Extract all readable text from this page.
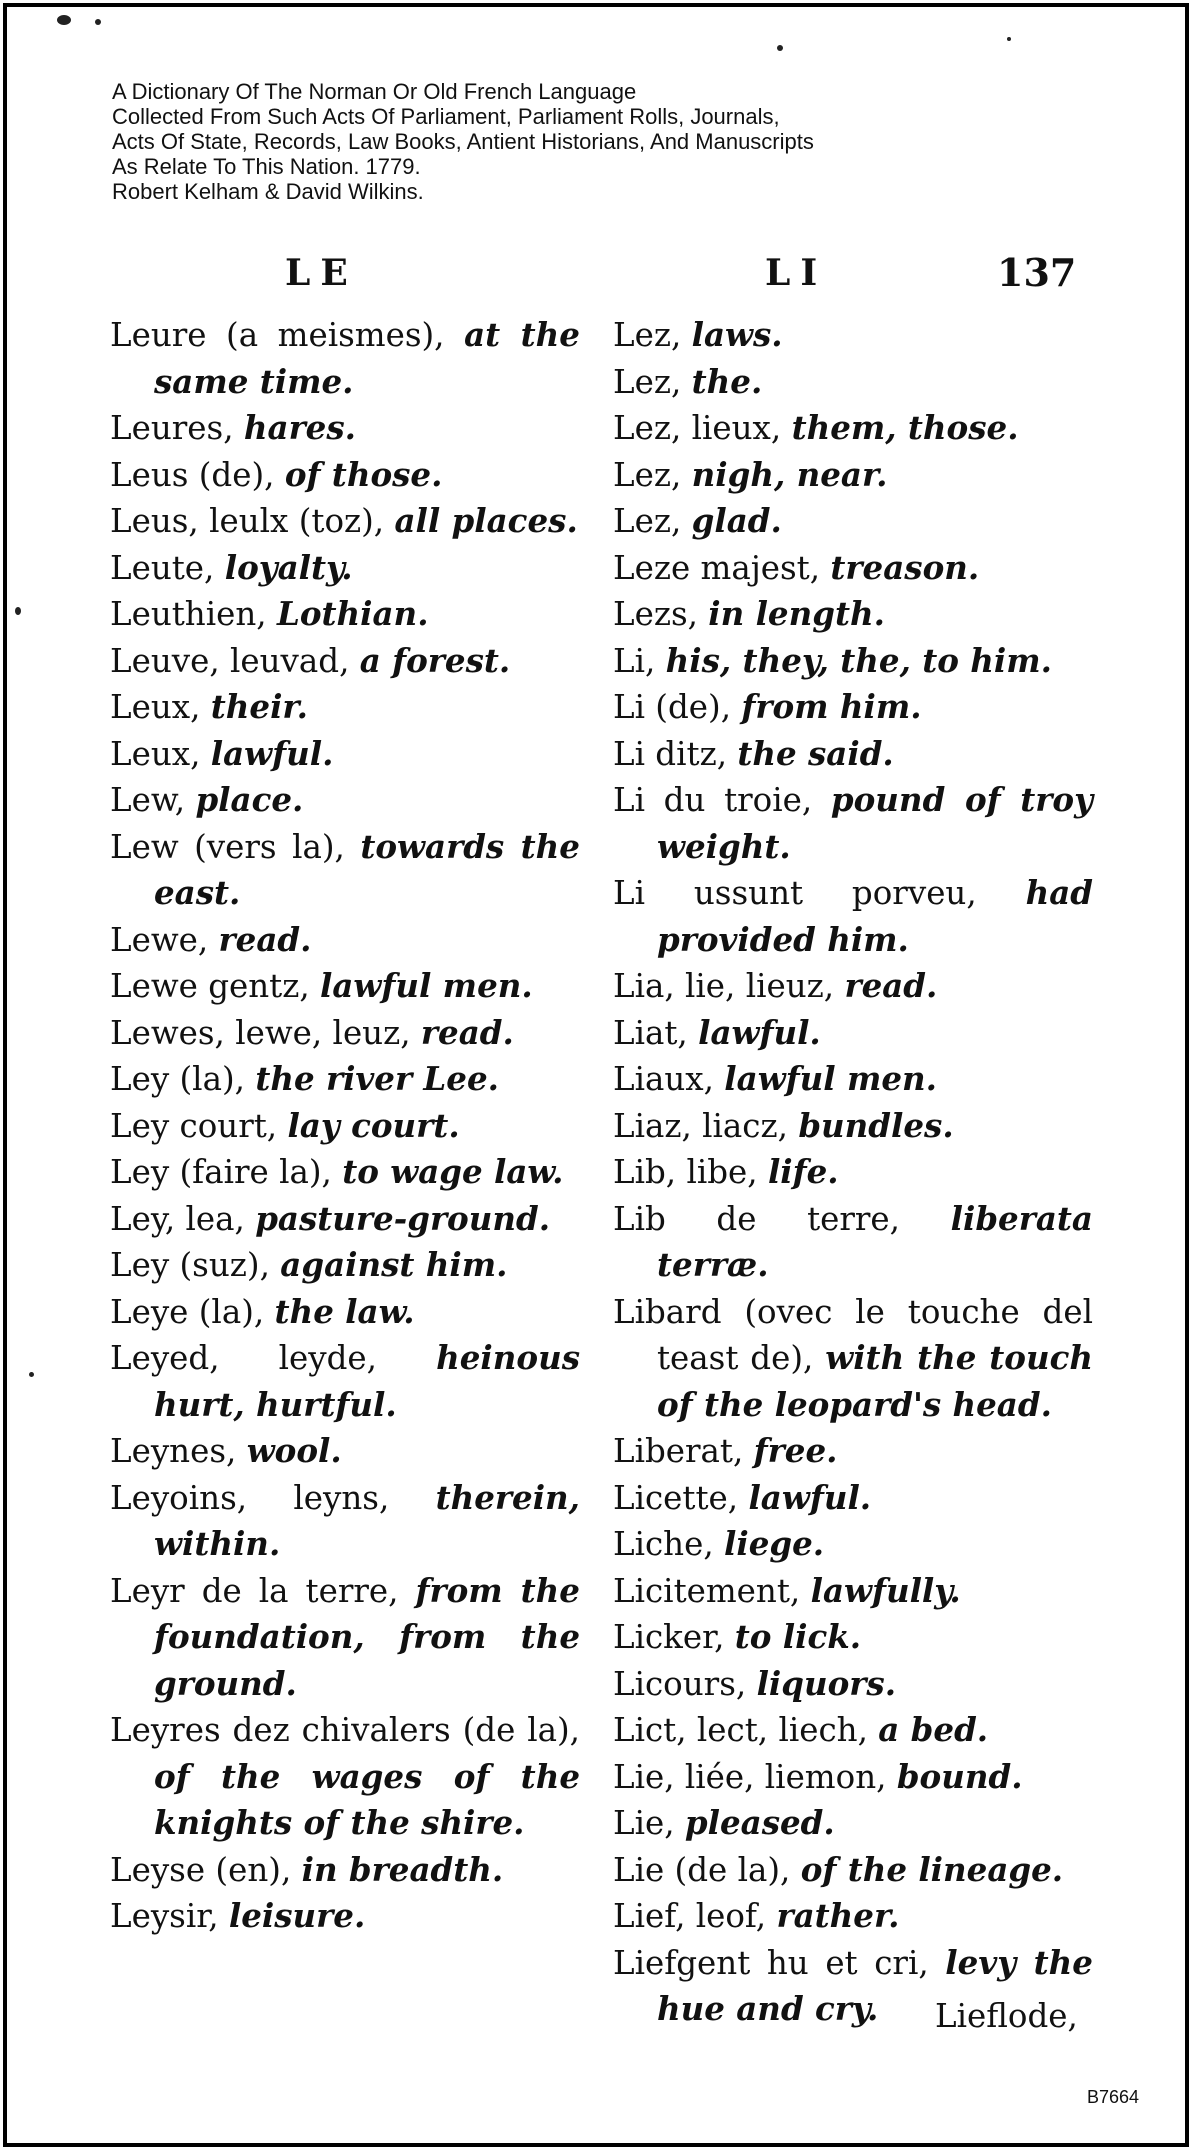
A Dictionary Of The Norman Or Old French Language
Collected From Such Acts Of Parliament, Parliament Rolls, Journals,
Acts Of State, Records, Law Books, Antient Historians, And Manuscripts
As Relate To This Nation. 1779.
Robert Kelham & David Wilkins.
LE	LI	137
Leure (a meismes), at the same time.
Leures, hares.
Leus (de), of those.
Leus, leulx (toz), all places.
Leute, loyalty.
Leuthien, Lothian.
Leuve, leuvad, a forest.
Leux, their.
Leux, lawful.
Lew, place.
Lew (vers la), towards the east.
Lewe, read.
Lewe gentz, lawful men.
Lewes, lewe, leuz, read.
Ley (la), the river Lee.
Ley court, lay court.
Ley (faire la), to wage law.
Ley, lea, pasture-ground.
Ley (suz), against him.
Leye (la), the law.
Leyed, leyde, heinous hurt, hurtful.
Leynes, wool.
Leyoins, leyns, therein, within.
Leyr de la terre, from the foundation, from the ground.
Leyres dez chivalers (de la), of the wages of the knights of the shire.
Leyse (en), in breadth.
Leysir, leisure.
Lez, laws.
Lez, the.
Lez, lieux, them, those.
Lez, nigh, near.
Lez, glad.
Leze majest, treason.
Lezs, in length.
Li, his, they, the, to him.
Li (de), from him.
Li ditz, the said.
Li du troie, pound of troy weight.
Li ussunt porveu, had provided him.
Lia, lie, lieuz, read.
Liat, lawful.
Liaux, lawful men.
Liaz, liacz, bundles.
Lib, libe, life.
Lib de terre, liberata terræ.
Libard (ovec le touche del teast de), with the touch of the leopard's head.
Liberat, free.
Licette, lawful.
Liche, liege.
Licitement, lawfully.
Licker, to lick.
Licours, liquors.
Lict, lect, liech, a bed.
Lie, liée, liemon, bound.
Lie, pleased.
Lie (de la), of the lineage.
Lief, leof, rather.
Liefgent hu et cri, levy the hue and cry.	Lieflode,
B7664
